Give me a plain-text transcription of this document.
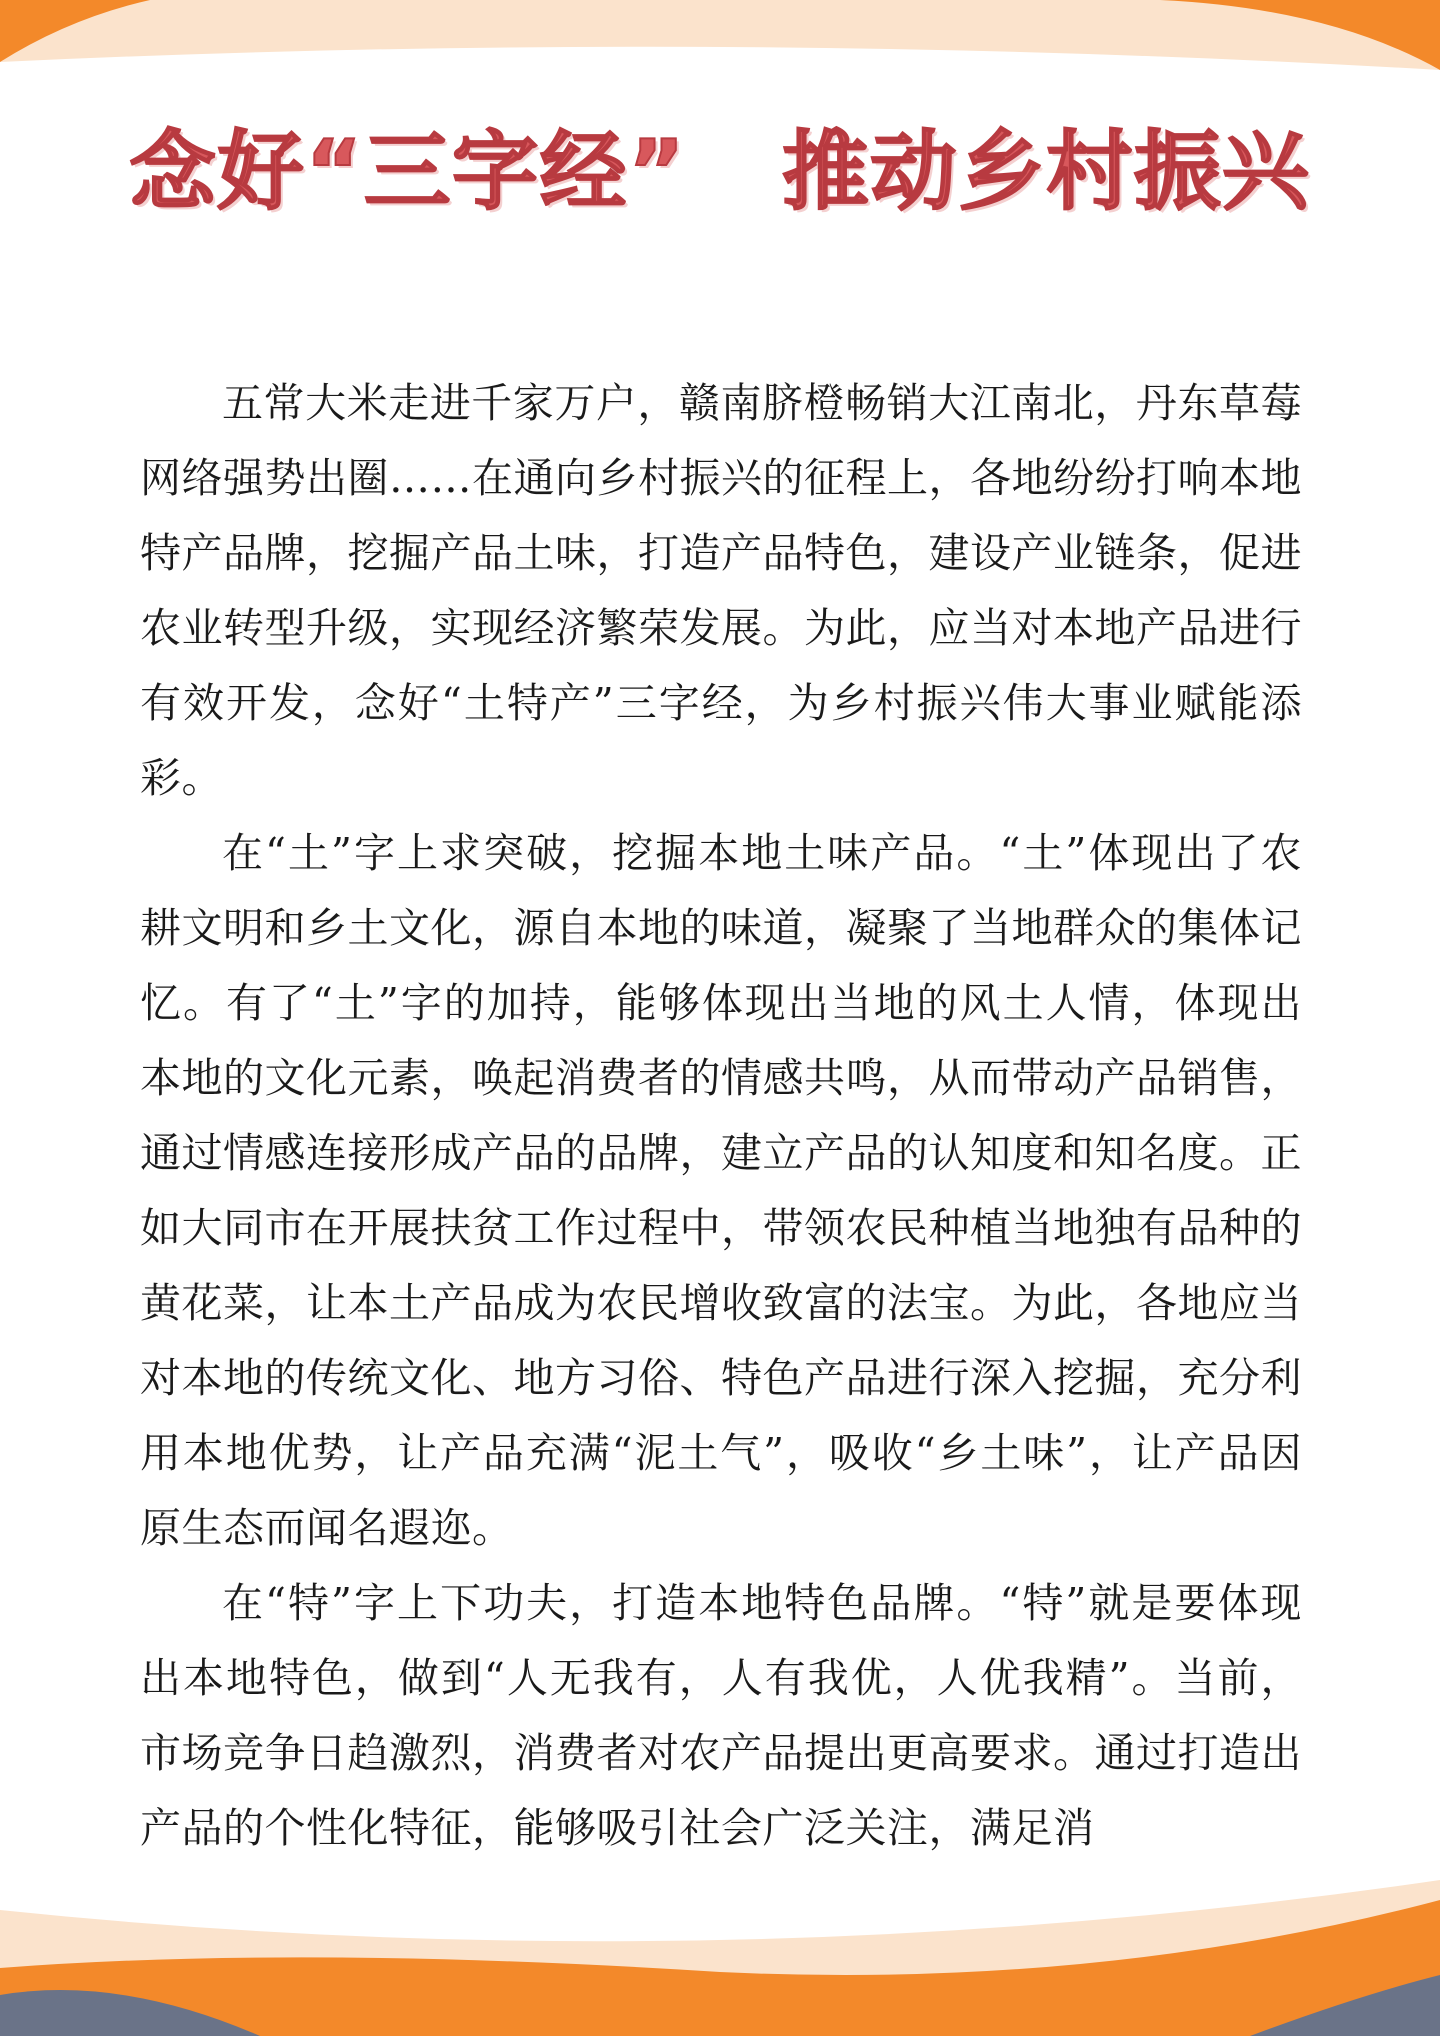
念好“三字经”   推动乡村振兴

五常大米走进千家万户，赣南脐橙畅销大江南北，丹东草莓网络强势出圈……在通向乡村振兴的征程上，各地纷纷打响本地特产品牌，挖掘产品土味，打造产品特色，建设产业链条，促进农业转型升级，实现经济繁荣发展。为此，应当对本地产品进行有效开发，念好“土特产”三字经，为乡村振兴伟大事业赋能添彩。

在“土”字上求突破，挖掘本地土味产品。“土”体现出了农耕文明和乡土文化，源自本地的味道，凝聚了当地群众的集体记忆。有了“土”字的加持，能够体现出当地的风土人情，体现出本地的文化元素，唤起消费者的情感共鸣，从而带动产品销售，通过情感连接形成产品的品牌，建立产品的认知度和知名度。正如大同市在开展扶贫工作过程中，带领农民种植当地独有品种的黄花菜，让本土产品成为农民增收致富的法宝。为此，各地应当对本地的传统文化、地方习俗、特色产品进行深入挖掘，充分利用本地优势，让产品充满“泥土气”，吸收“乡土味”，让产品因原生态而闻名遐迩。

在“特”字上下功夫，打造本地特色品牌。“特”就是要体现出本地特色，做到“人无我有，人有我优，人优我精”。当前，市场竞争日趋激烈，消费者对农产品提出更高要求。通过打造出产品的个性化特征，能够吸引社会广泛关注，满足消
